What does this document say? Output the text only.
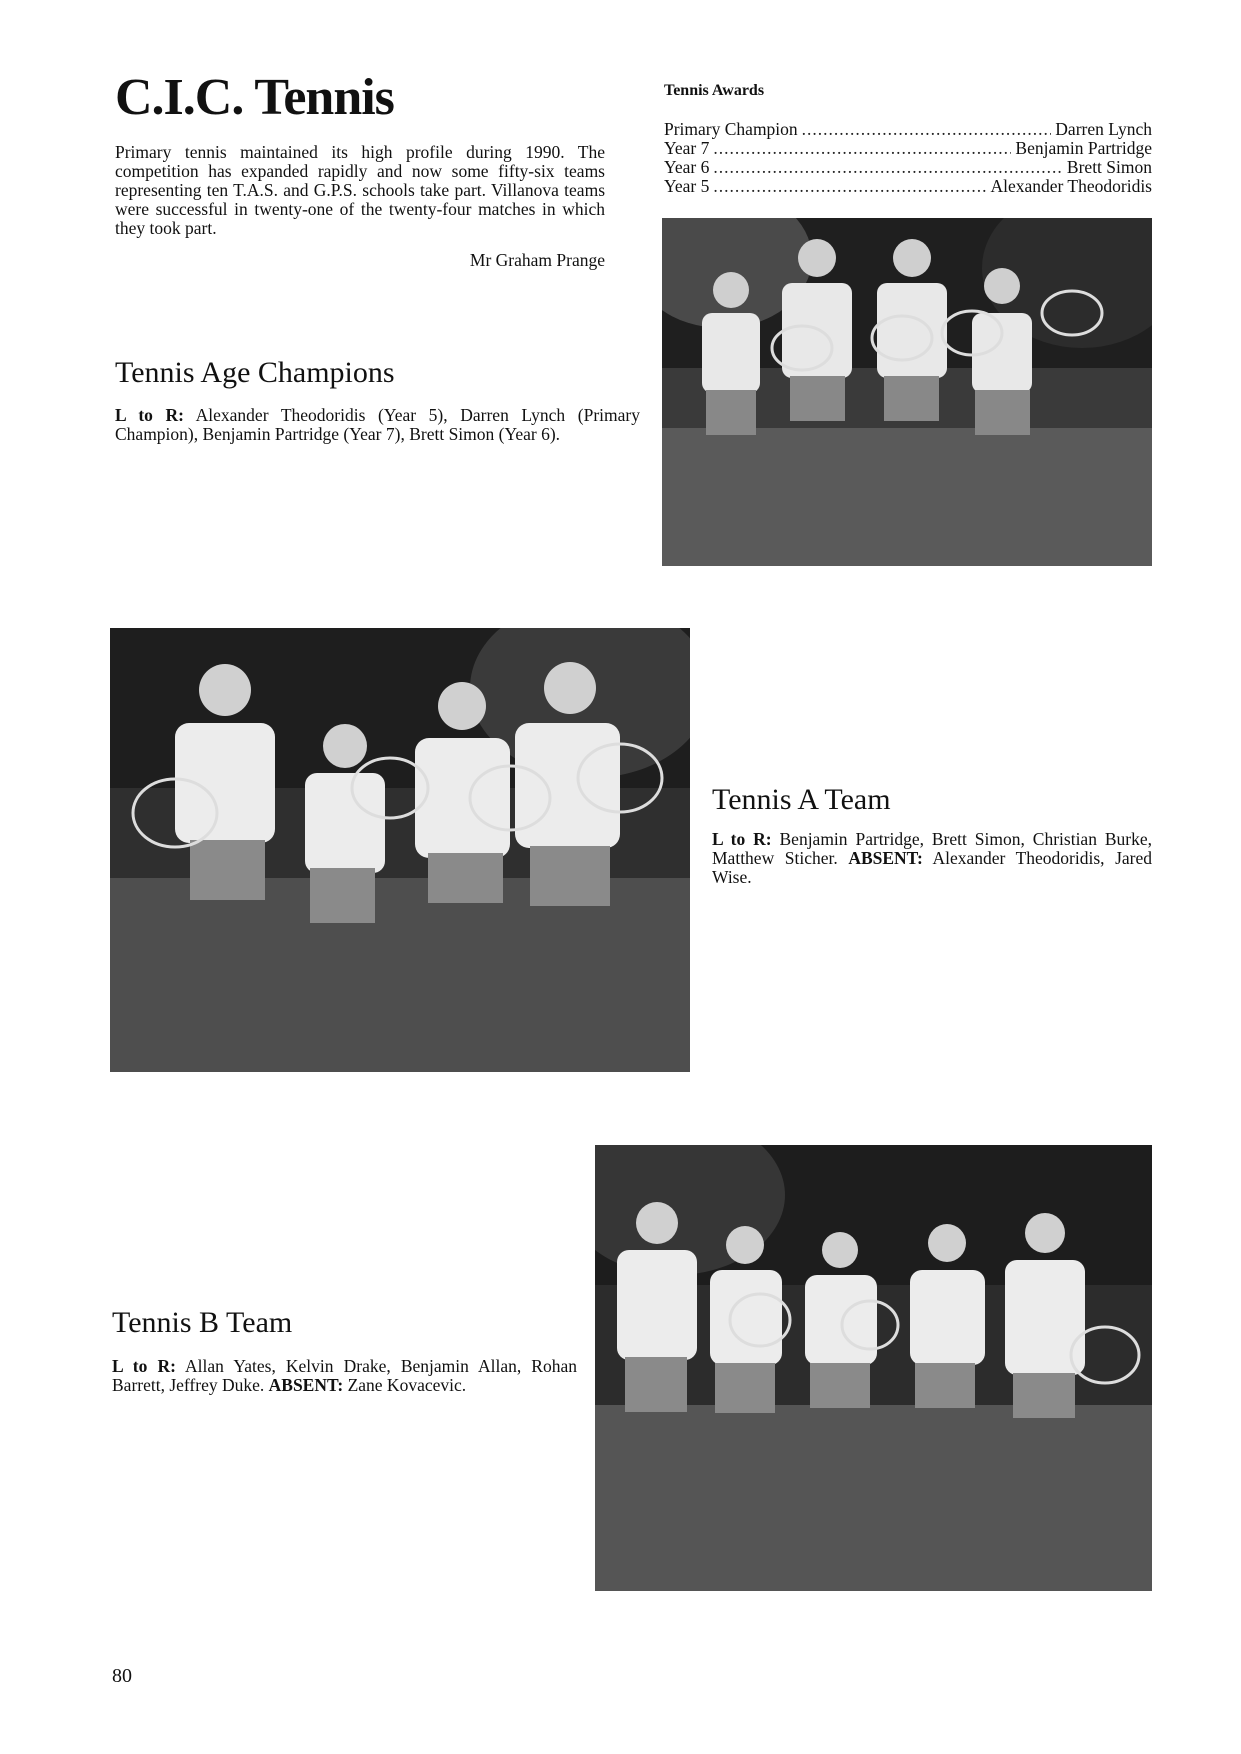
C.I.C. Tennis
Primary tennis maintained its high profile during 1990. The competition has expanded rapidly and now some fifty-six teams representing ten T.A.S. and G.P.S. schools take part. Villanova teams were successful in twenty-one of the twenty-four matches in which they took part.
Mr Graham Prange
Tennis Awards
Primary Champion .....	Darren Lynch
Year 7 .....	Benjamin Partridge
Year 6 .....	Brett Simon
Year 5 .....	Alexander Theodoridis
Tennis Age Champions
L to R: Alexander Theodoridis (Year 5), Darren Lynch (Primary Champion), Benjamin Partridge (Year 7), Brett Simon (Year 6).
Tennis A Team
L to R: Benjamin Partridge, Brett Simon, Christian Burke, Matthew Sticher. ABSENT: Alexander Theodoridis, Jared Wise.
Tennis B Team
L to R: Allan Yates, Kelvin Drake, Benjamin Allan, Rohan Barrett, Jeffrey Duke. ABSENT: Zane Kovacevic.
80
